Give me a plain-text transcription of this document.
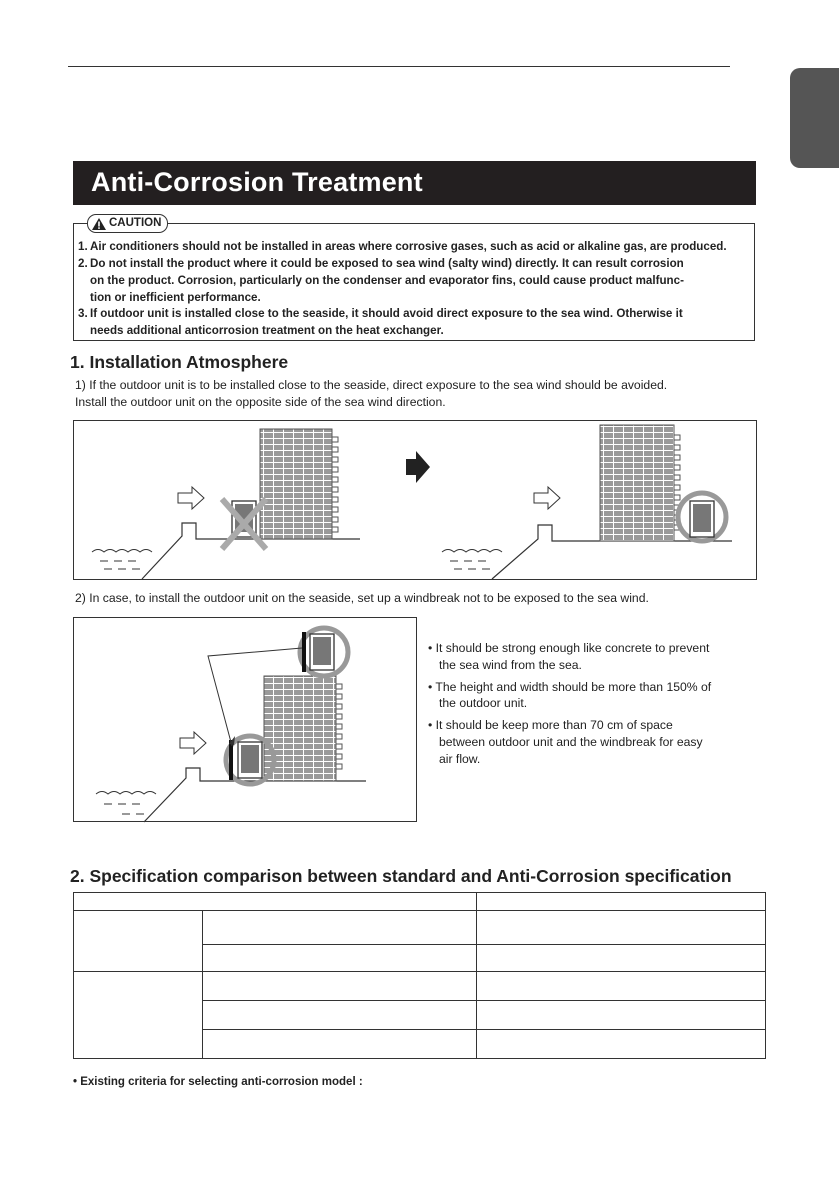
Anti-Corrosion Treatment
CAUTION
1. Air conditioners should not be installed in areas where corrosive gases, such as acid or alkaline gas, are produced.
2. Do not install the product where it could be exposed to sea wind (salty wind) directly. It can result corrosion
on the product. Corrosion, particularly on the condenser and evaporator fins, could cause product malfunc-
tion or inefficient performance.
3. If outdoor unit is installed close to the seaside, it should avoid direct exposure to the sea wind. Otherwise it
needs additional anticorrosion treatment on the heat exchanger.
1. Installation Atmosphere
1) If the outdoor unit is to be installed close to the seaside, direct exposure to the sea wind should be avoided.
Install the outdoor unit on the opposite side of the sea wind direction.
2) In case, to install the outdoor unit on the seaside, set up a windbreak not to be exposed to the sea wind.
• It should be strong enough like concrete to prevent
the sea wind from the sea.
• The height and width should be more than 150% of
the outdoor unit.
• It should be keep more than 70 cm of space
between outdoor unit and the windbreak for easy
air flow.
2. Specification comparison between standard and Anti-Corrosion specification

• Existing criteria for selecting anti-corrosion model :
